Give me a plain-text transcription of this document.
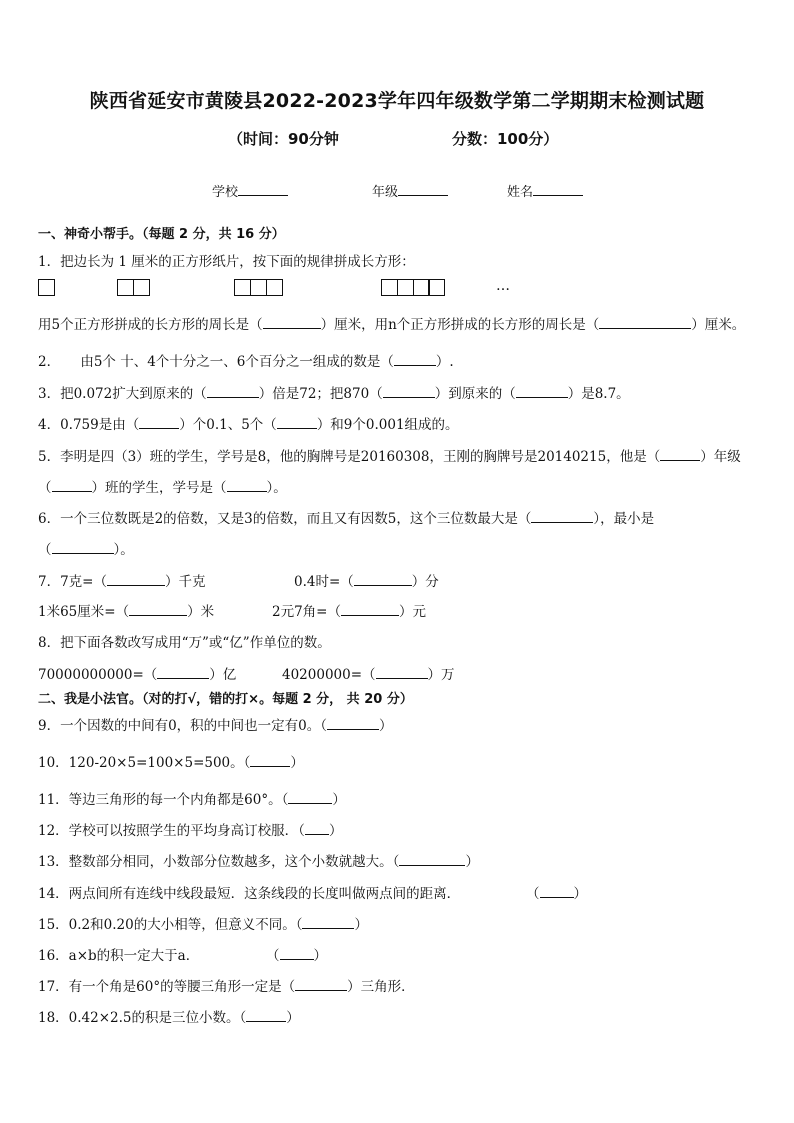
陕西省延安市黄陵县2022-2023学年四年级数学第二学期期末检测试题
（时间：90分钟	分数：100分）
学校	年级	姓名
一、神奇小帮手。（每题 2 分，共 16 分）
1．把边长为 1 厘米的正方形纸片，按下面的规律拼成长方形：
…
用5个正方形拼成的长方形的周长是（	）厘米，用n个正方形拼成的长方形的周长是（	）厘米。
2．　　由5个 十、4个十分之一、6个百分之一组成的数是（	）.
3．把0.072扩大到原来的（	）倍是72；把870（	）到原来的（	）是8.7。
4．0.759是由（	）个0.1、5个（	）和9个0.001组成的。
5．李明是四（3）班的学生，学号是8，他的胸牌号是20160308，王刚的胸牌号是20140215，他是（	）年级
（	）班的学生，学号是（	）。
6．一个三位数既是2的倍数，又是3的倍数，而且又有因数5，这个三位数最大是（	），最小是
（	）。
7．7克=（	）千克	0.4时=（	）分
1米65厘米=（	）米	2元7角=（	）元
8．把下面各数改写成用“万”或“亿”作单位的数。
70000000000=（	）亿	40200000=（	）万
二、我是小法官。（对的打√，错的打×。每题 2 分， 共 20 分）
9．一个因数的中间有0，积的中间也一定有0。（	）
10．120-20×5=100×5=500。（	）
11．等边三角形的每一个内角都是60°。（	）
12．学校可以按照学生的平均身高订校服．（ ）
13．整数部分相同，小数部分位数越多，这个小数就越大。（	）
14．两点间所有连线中线段最短．这条线段的长度叫做两点间的距离．	（	）
15．0.2和0.20的大小相等，但意义不同。（	）
16．a×b的积一定大于a．	（	）
17．有一个角是60°的等腰三角形一定是（	）三角形．
18．0.42×2.5的积是三位小数。（	）
